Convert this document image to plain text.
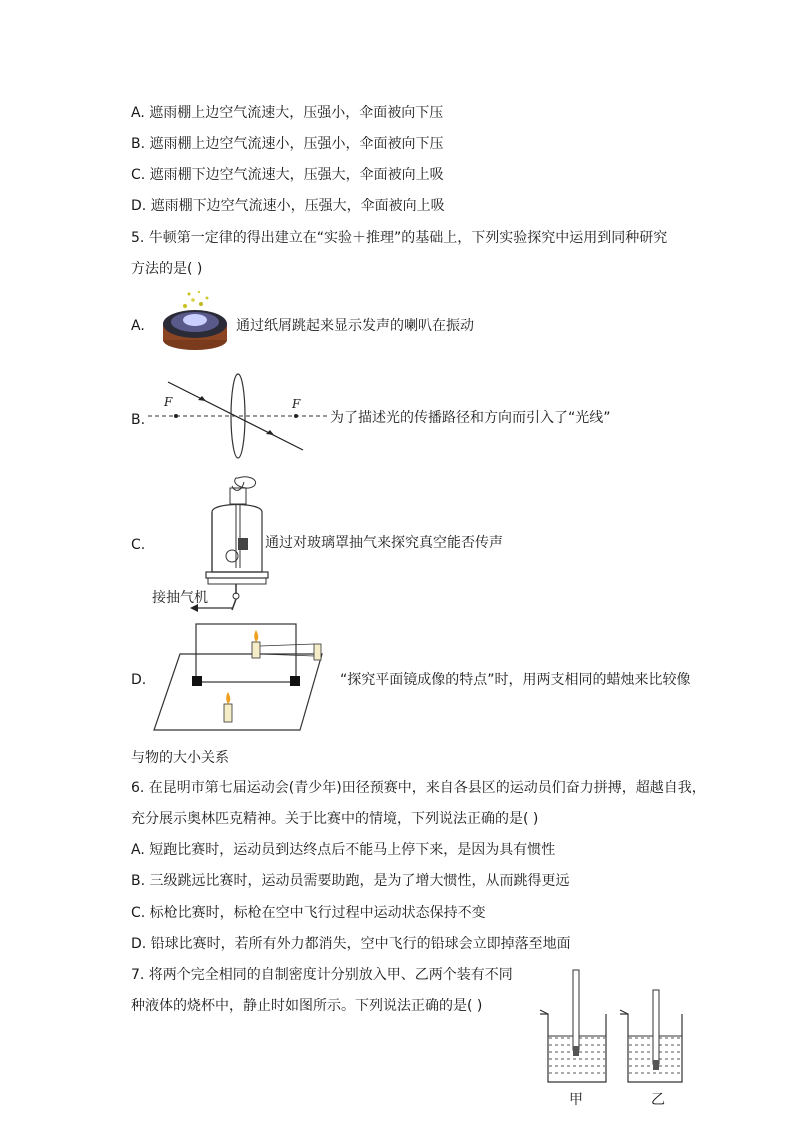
A. 遮雨棚上边空气流速大，压强小，伞面被向下压
B. 遮雨棚上边空气流速小，压强小，伞面被向下压
C. 遮雨棚下边空气流速大，压强大，伞面被向上吸
D. 遮雨棚下边空气流速小，压强大，伞面被向上吸
5. 牛顿第一定律的得出建立在“实验＋推理”的基础上，下列实验探究中运用到同种研究
方法的是( )
A.	通过纸屑跳起来显示发声的喇叭在振动
B.
F	F
为了描述光的传播路径和方向而引入了“光线”
C.	通过对玻璃罩抽气来探究真空能否传声
接抽气机
D.	“探究平面镜成像的特点”时，用两支相同的蜡烛来比较像
与物的大小关系
6. 在昆明市第七届运动会(青少年)田径预赛中，来自各县区的运动员们奋力拼搏，超越自我，
充分展示奥林匹克精神。关于比赛中的情境，下列说法正确的是( )
A. 短跑比赛时，运动员到达终点后不能马上停下来，是因为具有惯性
B. 三级跳远比赛时，运动员需要助跑，是为了增大惯性，从而跳得更远
C. 标枪比赛时，标枪在空中飞行过程中运动状态保持不变
D. 铅球比赛时，若所有外力都消失，空中飞行的铅球会立即掉落至地面
7. 将两个完全相同的自制密度计分别放入甲、乙两个装有不同
种液体的烧杯中，静止时如图所示。下列说法正确的是( )
甲	乙
